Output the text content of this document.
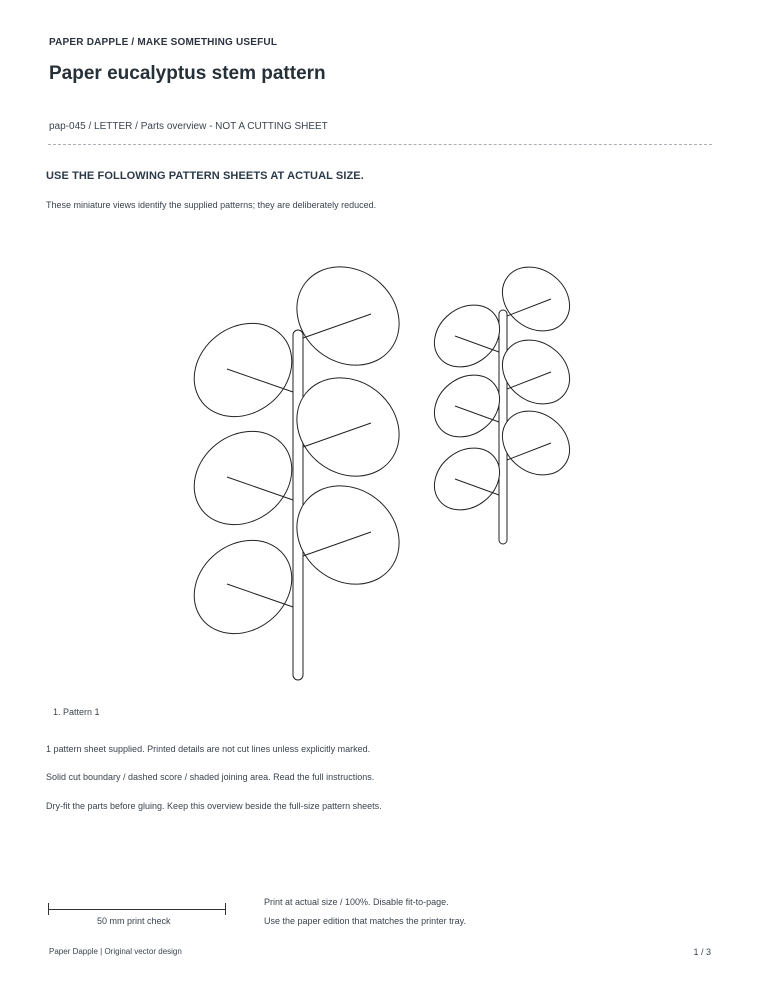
PAPER DAPPLE / MAKE SOMETHING USEFUL
Paper eucalyptus stem pattern
pap-045 / LETTER / Parts overview - NOT A CUTTING SHEET
USE THE FOLLOWING PATTERN SHEETS AT ACTUAL SIZE.
These miniature views identify the supplied patterns; they are deliberately reduced.
1. Pattern 1
1 pattern sheet supplied. Printed details are not cut lines unless explicitly marked.
Solid cut boundary / dashed score / shaded joining area. Read the full instructions.
Dry-fit the parts before gluing. Keep this overview beside the full-size pattern sheets.
50 mm print check
Print at actual size / 100%. Disable fit-to-page.
Use the paper edition that matches the printer tray.
Paper Dapple | Original vector design	1 / 3
